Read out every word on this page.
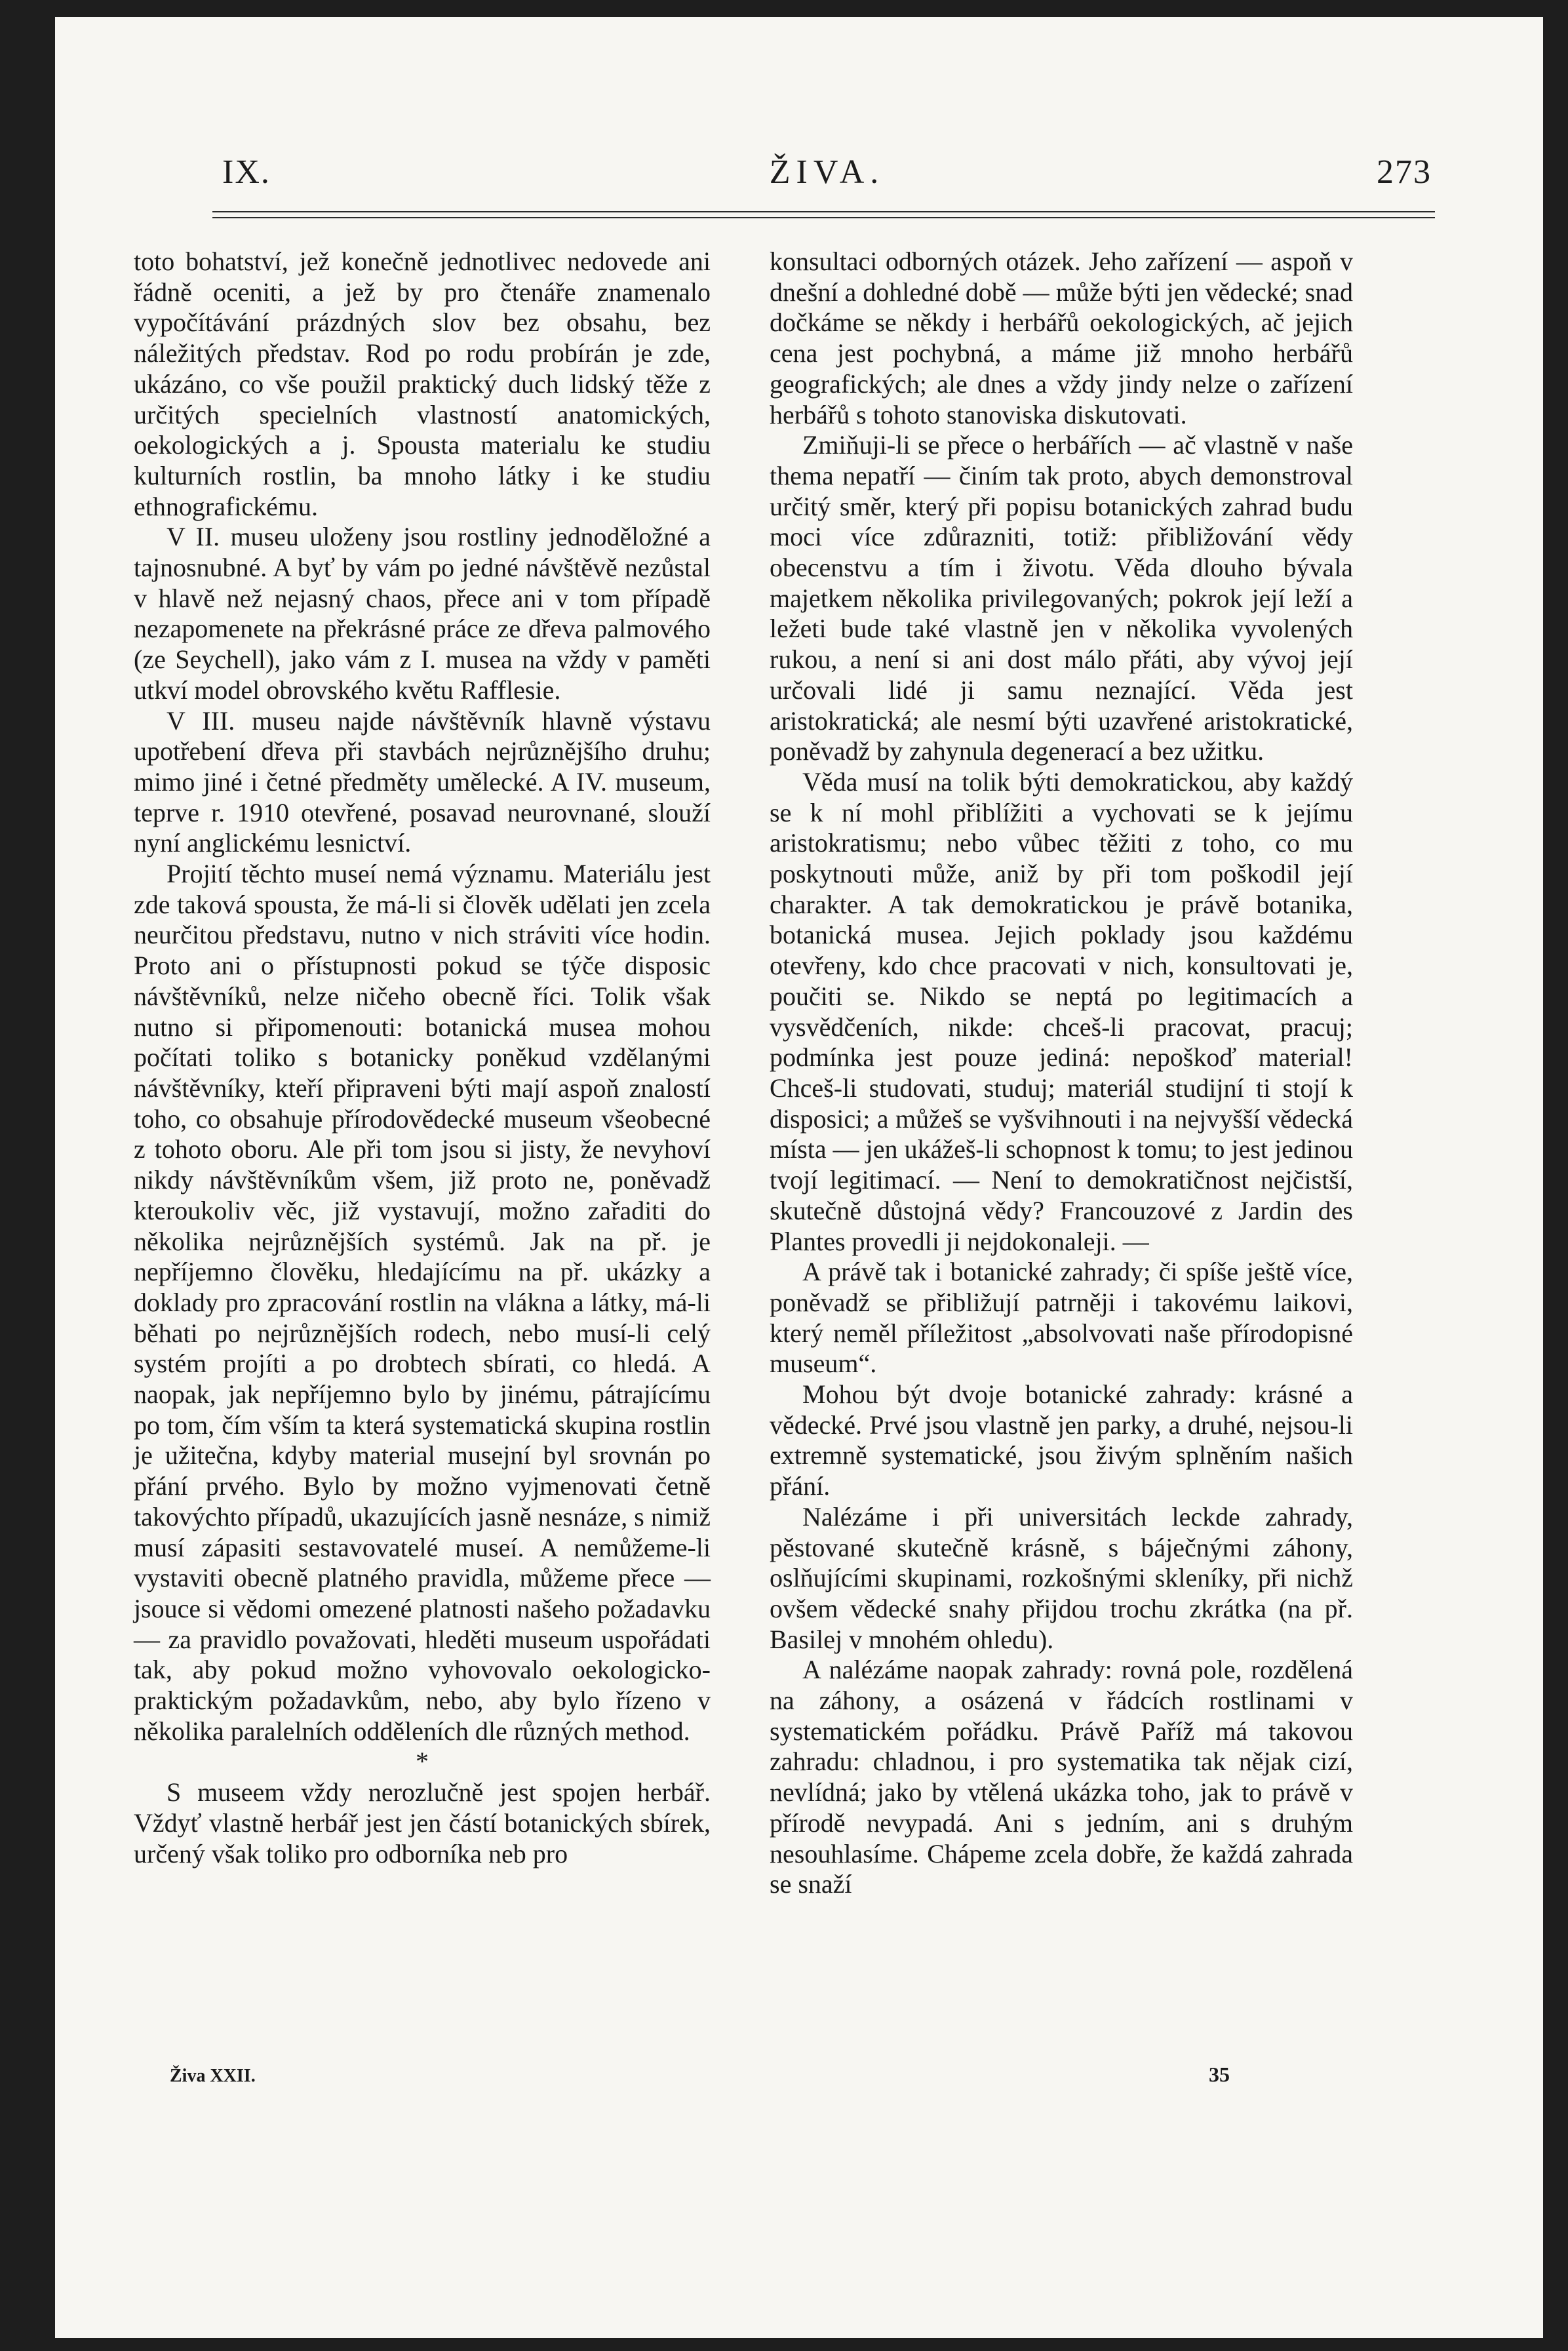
IX.	ŽIVA.	273

toto bohatství, jež konečně jednotlivec nedovede ani řádně oceniti, a jež by pro čtenáře znamenalo vypočítávání prázdných slov bez obsahu, bez náležitých představ. Rod po rodu probírán je zde, ukázáno, co vše použil praktický duch lidský těže z určitých specielních vlastností anatomických, oekologických a j. Spousta materialu ke studiu kulturních rostlin, ba mnoho látky i ke studiu ethnografickému.

V II. museu uloženy jsou rostliny jednoděložné a tajnosnubné. A byť by vám po jedné návštěvě nezůstal v hlavě než nejasný chaos, přece ani v tom případě nezapomenete na překrásné práce ze dřeva palmového (ze Seychell), jako vám z I. musea na vždy v paměti utkví model obrovského květu Rafflesie.

V III. museu najde návštěvník hlavně výstavu upotřebení dřeva při stavbách nejrůznějšího druhu; mimo jiné i četné předměty umělecké. A IV. museum, teprve r. 1910 otevřené, posavad neurovnané, slouží nyní anglickému lesnictví.

Projití těchto museí nemá významu. Materiálu jest zde taková spousta, že má-li si člověk udělati jen zcela neurčitou představu, nutno v nich stráviti více hodin. Proto ani o přístupnosti pokud se týče disposic návštěvníků, nelze ničeho obecně říci. Tolik však nutno si připomenouti: botanická musea mohou počítati toliko s botanicky poněkud vzdělanými návštěvníky, kteří připraveni býti mají aspoň znalostí toho, co obsahuje přírodovědecké museum všeobecné z tohoto oboru. Ale při tom jsou si jisty, že nevyhoví nikdy návštěvníkům všem, již proto ne, poněvadž kteroukoliv věc, již vystavují, možno zařaditi do několika nejrůznějších systémů. Jak na př. je nepříjemno člověku, hledajícímu na př. ukázky a doklady pro zpracování rostlin na vlákna a látky, má-li běhati po nejrůznějších rodech, nebo musí-li celý systém projíti a po drobtech sbírati, co hledá. A naopak, jak nepříjemno bylo by jinému, pátrajícímu po tom, čím vším ta která systematická skupina rostlin je užitečna, kdyby material musejní byl srovnán po přání prvého. Bylo by možno vyjmenovati četně takovýchto případů, ukazujících jasně nesnáze, s nimiž musí zápasiti sestavovatelé museí. A nemůžeme-li vystaviti obecně platného pravidla, můžeme přece — jsouce si vědomi omezené platnosti našeho požadavku — za pravidlo považovati, hleděti museum uspořádati tak, aby pokud možno vyhovovalo oekologicko-praktickým požadavkům, nebo, aby bylo řízeno v několika paralelních odděleních dle různých method.

*

S museem vždy nerozlučně jest spojen herbář. Vždyť vlastně herbář jest jen částí botanických sbírek, určený však toliko pro odborníka neb pro

konsultaci odborných otázek. Jeho zařízení — aspoň v dnešní a dohledné době — může býti jen vědecké; snad dočkáme se někdy i herbářů oekologických, ač jejich cena jest pochybná, a máme již mnoho herbářů geografických; ale dnes a vždy jindy nelze o zařízení herbářů s tohoto stanoviska diskutovati.

Zmiňuji-li se přece o herbářích — ač vlastně v naše thema nepatří — činím tak proto, abych demonstroval určitý směr, který při popisu botanických zahrad budu moci více zdůrazniti, totiž: přibližování vědy obecenstvu a tím i životu. Věda dlouho bývala majetkem několika privilegovaných; pokrok její leží a ležeti bude také vlastně jen v několika vyvolených rukou, a není si ani dost málo přáti, aby vývoj její určovali lidé ji samu neznající. Věda jest aristokratická; ale nesmí býti uzavřené aristokratické, poněvadž by zahynula degenerací a bez užitku.

Věda musí na tolik býti demokratickou, aby každý se k ní mohl přiblížiti a vychovati se k jejímu aristokratismu; nebo vůbec těžiti z toho, co mu poskytnouti může, aniž by při tom poškodil její charakter. A tak demokratickou je právě botanika, botanická musea. Jejich poklady jsou každému otevřeny, kdo chce pracovati v nich, konsultovati je, poučiti se. Nikdo se neptá po legitimacích a vysvědčeních, nikde: chceš-li pracovat, pracuj; podmínka jest pouze jediná: nepoškoď material! Chceš-li studovati, studuj; materiál studijní ti stojí k disposici; a můžeš se vyšvihnouti i na nejvyšší vědecká místa — jen ukážeš-li schopnost k tomu; to jest jedinou tvojí legitimací. — Není to demokratičnost nejčistší, skutečně důstojná vědy? Francouzové z Jardin des Plantes provedli ji nejdokonaleji. —

A právě tak i botanické zahrady; či spíše ještě více, poněvadž se přibližují patrněji i takovému laikovi, který neměl příležitost „absolvovati naše přírodopisné museum“.

Mohou být dvoje botanické zahrady: krásné a vědecké. Prvé jsou vlastně jen parky, a druhé, nejsou-li extremně systematické, jsou živým splněním našich přání.

Nalézáme i při universitách leckde zahrady, pěstované skutečně krásně, s báječnými záhony, oslňujícími skupinami, rozkošnými skleníky, při nichž ovšem vědecké snahy přijdou trochu zkrátka (na př. Basilej v mnohém ohledu).

A nalézáme naopak zahrady: rovná pole, rozdělená na záhony, a osázená v řádcích rostlinami v systematickém pořádku. Právě Paříž má takovou zahradu: chladnou, i pro systematika tak nějak cizí, nevlídná; jako by vtělená ukázka toho, jak to právě v přírodě nevypadá. Ani s jedním, ani s druhým nesouhlasíme. Chápeme zcela dobře, že každá zahrada se snaží

Živa XXII.	35
